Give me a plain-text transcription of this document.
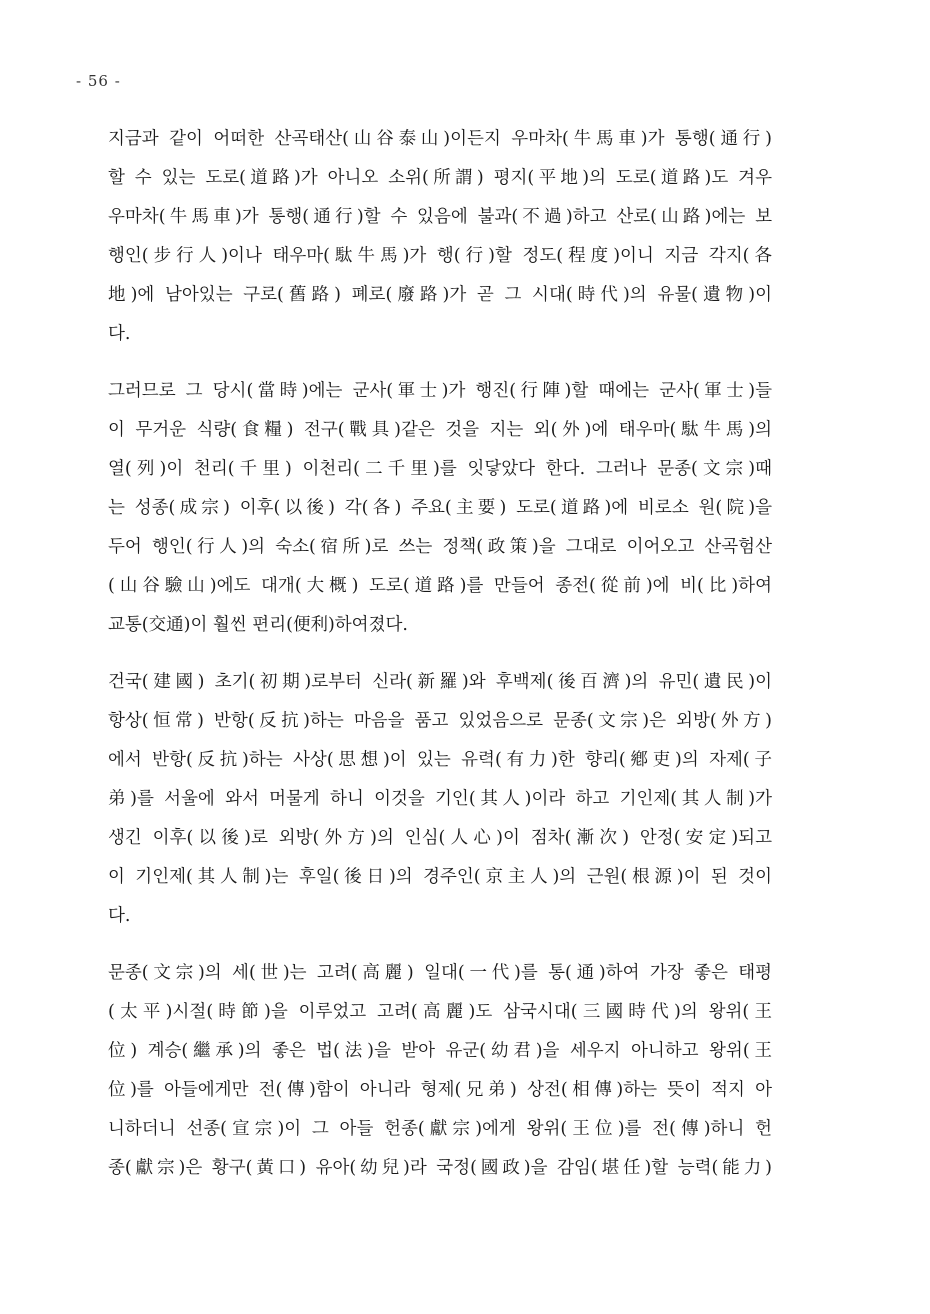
- 56 -
지금과 같이 어떠한 산곡태산(山谷泰山)이든지 우마차(牛馬車)가 통행(通行)
할 수 있는 도로(道路)가 아니오 소위(所謂) 평지(平地)의 도로(道路)도 겨우
우마차(牛馬車)가 통행(通行)할 수 있음에 불과(不過)하고 산로(山路)에는 보
행인(步行人)이나 태우마(駄牛馬)가 행(行)할 정도(程度)이니 지금 각지(各
地)에 남아있는 구로(舊路) 폐로(廢路)가 곧 그 시대(時代)의 유물(遺物)이
다.
그러므로 그 당시(當時)에는 군사(軍士)가 행진(行陣)할 때에는 군사(軍士)들
이 무거운 식량(食糧) 전구(戰具)같은 것을 지는 외(外)에 태우마(駄牛馬)의
열(列)이 천리(千里) 이천리(二千里)를 잇닿았다 한다. 그러나 문종(文宗)때
는 성종(成宗) 이후(以後) 각(各) 주요(主要) 도로(道路)에 비로소 원(院)을
두어 행인(行人)의 숙소(宿所)로 쓰는 정책(政策)을 그대로 이어오고 산곡험산
(山谷驗山)에도 대개(大概) 도로(道路)를 만들어 종전(從前)에 비(比)하여
교통(交通)이 훨씬 편리(便利)하여졌다.
건국(建國) 초기(初期)로부터 신라(新羅)와 후백제(後百濟)의 유민(遺民)이
항상(恒常) 반항(反抗)하는 마음을 품고 있었음으로 문종(文宗)은 외방(外方)
에서 반항(反抗)하는 사상(思想)이 있는 유력(有力)한 향리(鄕吏)의 자제(子
弟)를 서울에 와서 머물게 하니 이것을 기인(其人)이라 하고 기인제(其人制)가
생긴 이후(以後)로 외방(外方)의 인심(人心)이 점차(漸次) 안정(安定)되고
이 기인제(其人制)는 후일(後日)의 경주인(京主人)의 근원(根源)이 된 것이
다.
문종(文宗)의 세(世)는 고려(高麗) 일대(一代)를 통(通)하여 가장 좋은 태평
(太平)시절(時節)을 이루었고 고려(高麗)도 삼국시대(三國時代)의 왕위(王
位) 계승(繼承)의 좋은 법(法)을 받아 유군(幼君)을 세우지 아니하고 왕위(王
位)를 아들에게만 전(傳)함이 아니라 형제(兄弟) 상전(相傳)하는 뜻이 적지 아
니하더니 선종(宣宗)이 그 아들 헌종(獻宗)에게 왕위(王位)를 전(傳)하니 헌
종(獻宗)은 황구(黃口) 유아(幼兒)라 국정(國政)을 감임(堪任)할 능력(能力)
